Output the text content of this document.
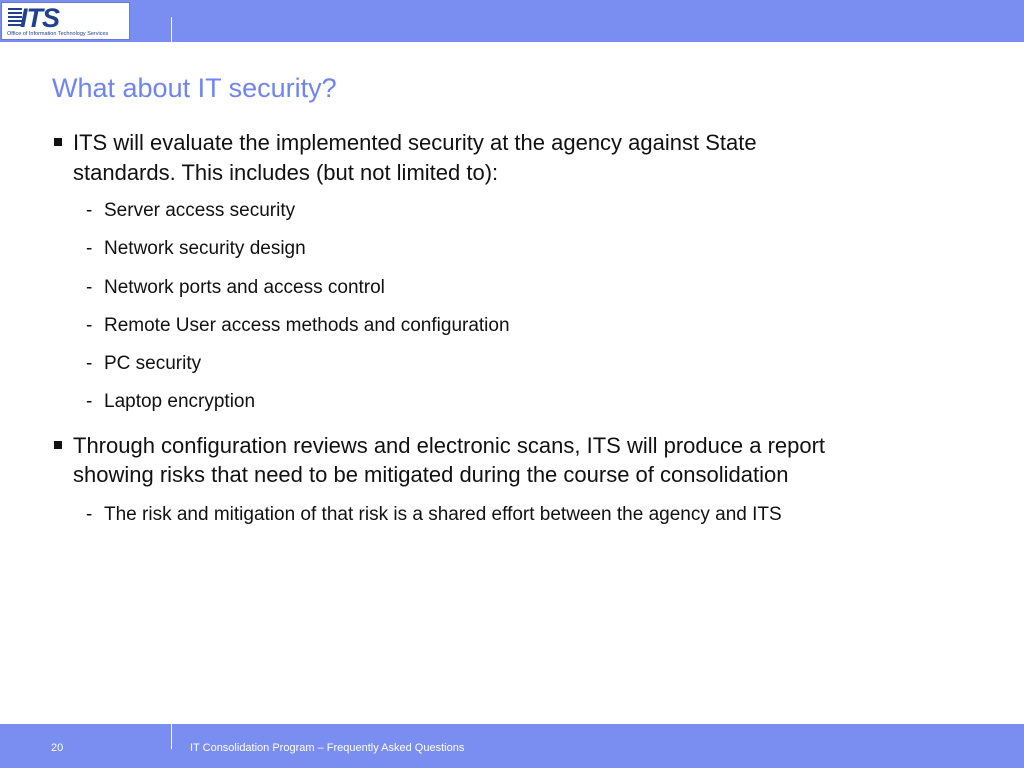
ITS
Office of Information Technology Services
What about IT security?
ITS will evaluate the implemented security at the agency against State
standards. This includes (but not limited to):
- Server access security
- Network security design
- Network ports and access control
- Remote User access methods and configuration
- PC security
- Laptop encryption
Through configuration reviews and electronic scans, ITS will produce a report
showing risks that need to be mitigated during the course of consolidation
- The risk and mitigation of that risk is a shared effort between the agency and ITS
20	IT Consolidation Program – Frequently Asked Questions
